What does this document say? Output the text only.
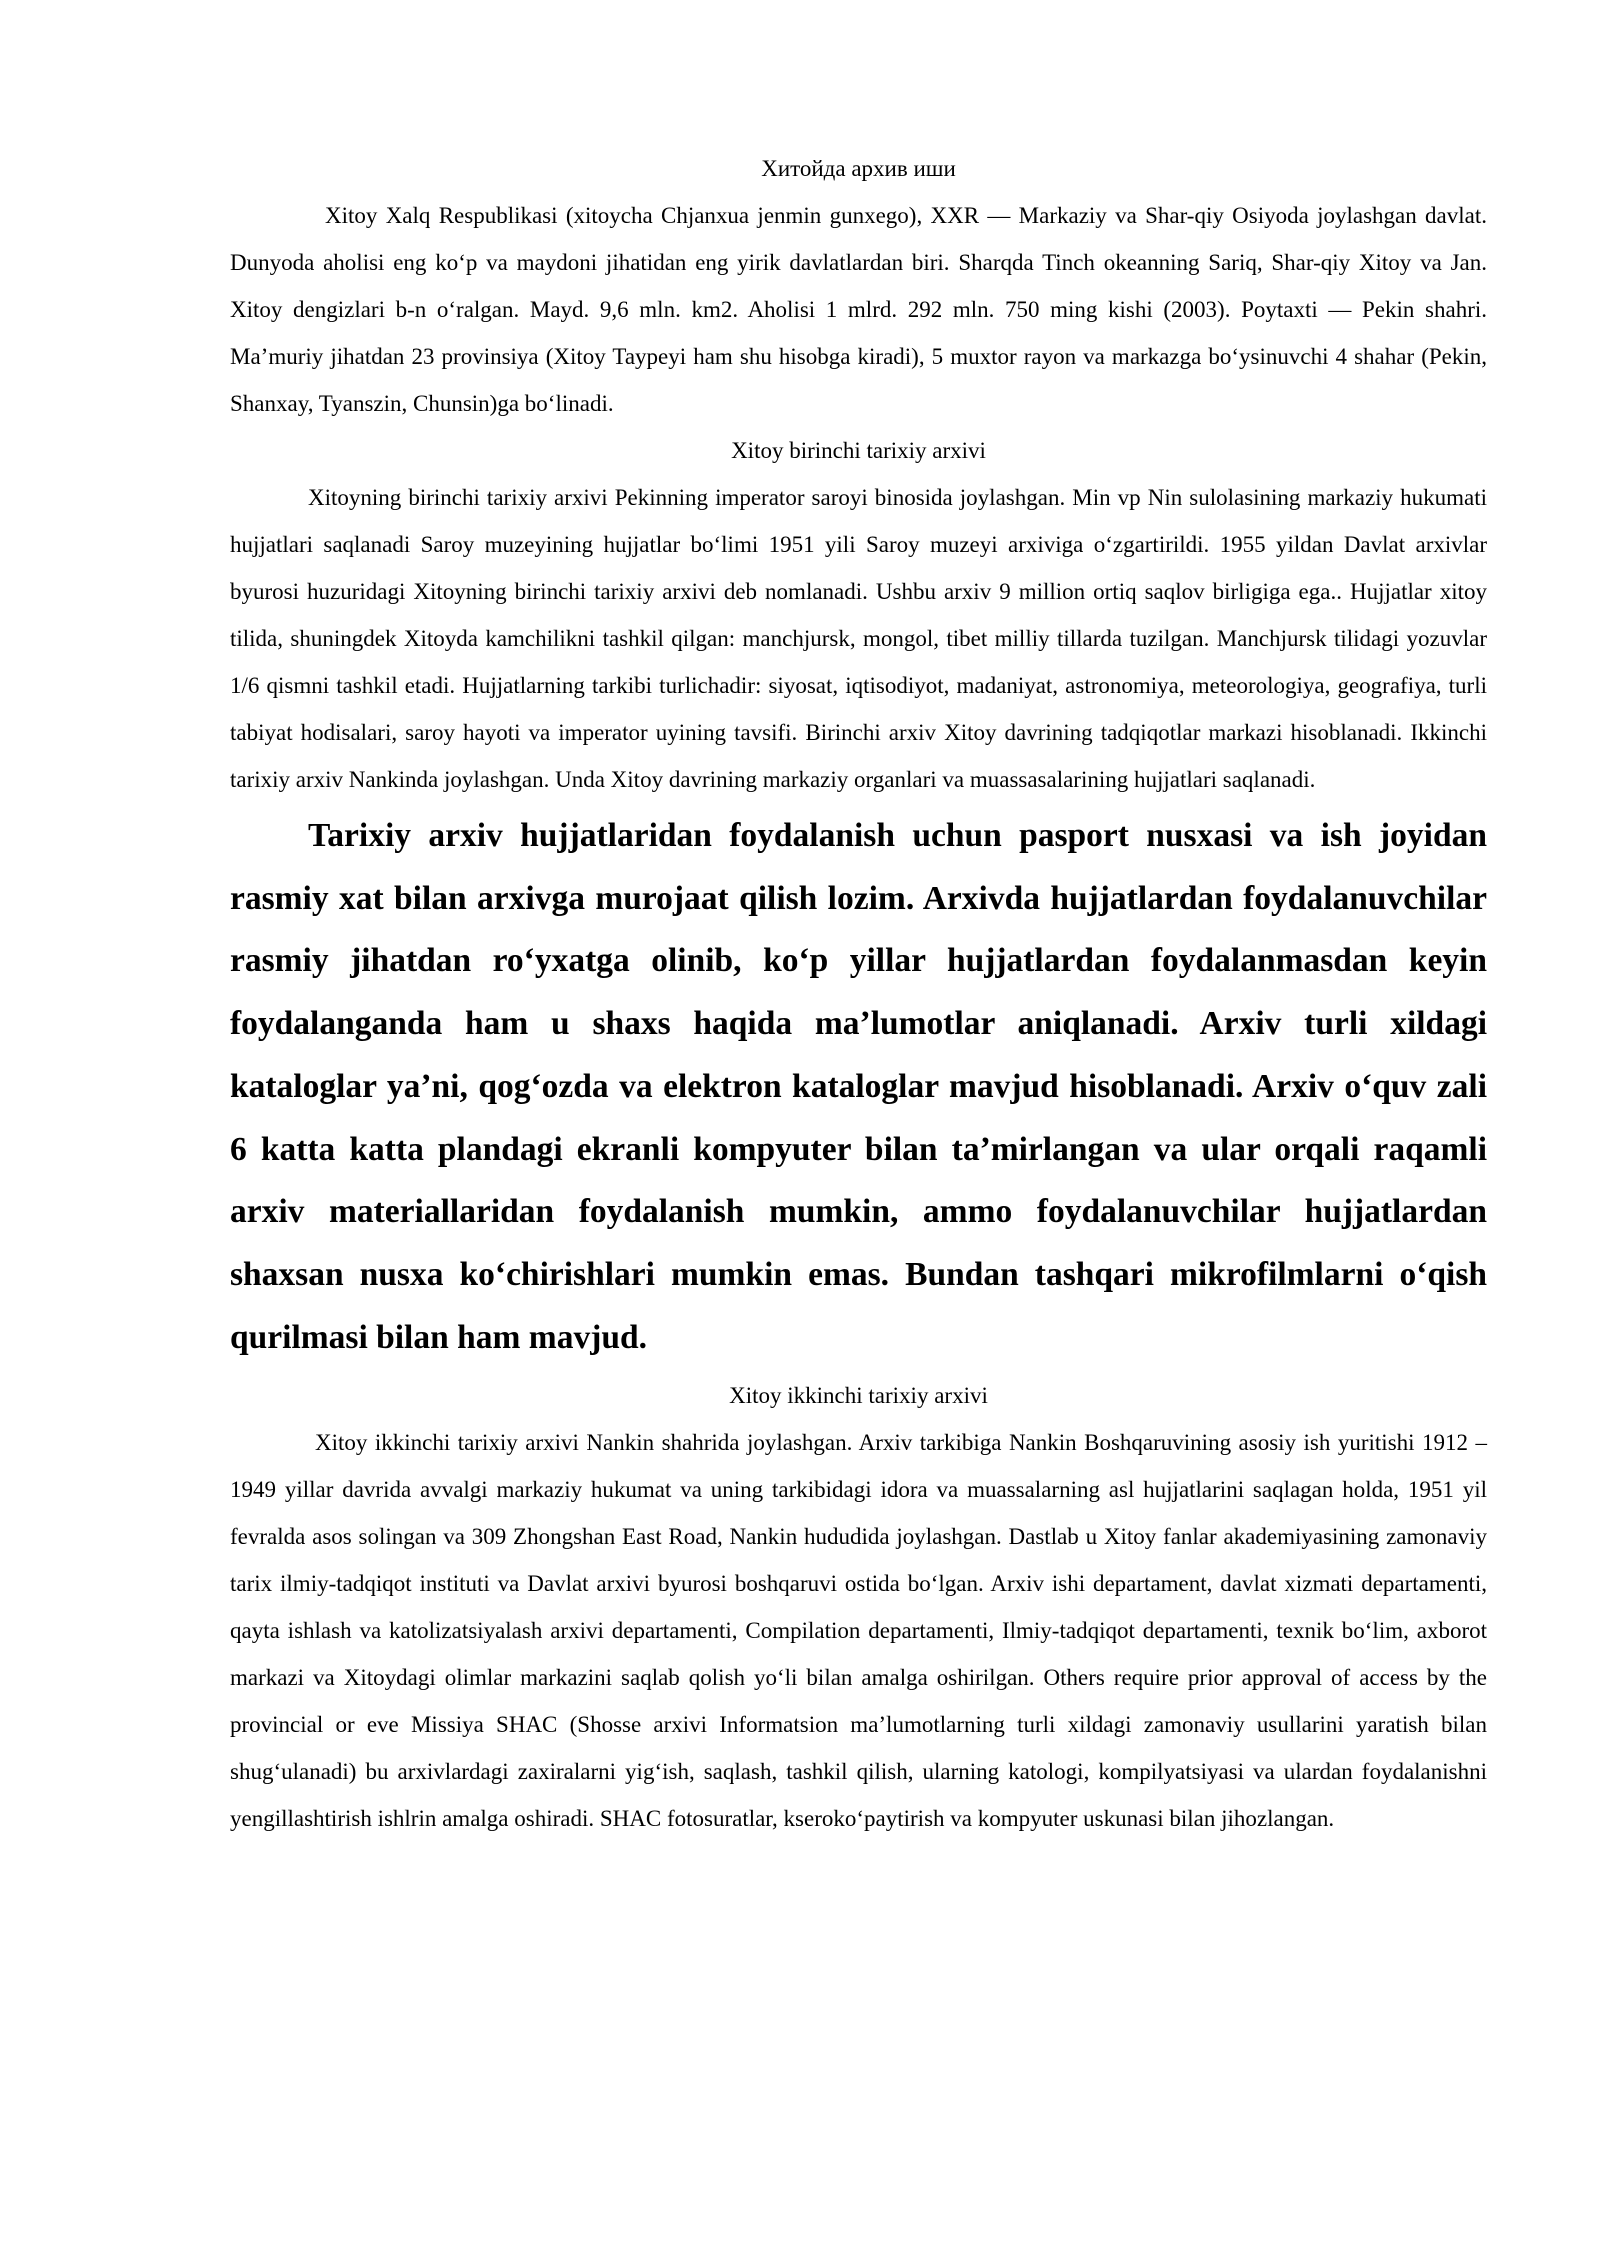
Хитойда архив иши

Xitoy Xalq Respublikasi (xitoycha Chjanxua jenmin gunxego), XXR — Markaziy va Shar-qiy Osiyoda joylashgan davlat. Dunyoda aholisi eng koʻp va maydoni jihatidan eng yirik davlatlardan biri. Sharqda Tinch okeanning Sariq, Shar-qiy Xitoy va Jan. Xitoy dengizlari b-n oʻralgan. Mayd. 9,6 mln. km2. Aholisi 1 mlrd. 292 mln. 750 ming kishi (2003). Poytaxti — Pekin shahri. Maʼmuriy jihatdan 23 provinsiya (Xitoy Taypeyi ham shu hisobga kiradi), 5 muxtor rayon va markazga boʻysinuvchi 4 shahar (Pekin, Shanxay, Tyanszin, Chunsin)ga boʻlinadi.

Xitoy birinchi tarixiy arxivi

Xitoyning birinchi tarixiy arxivi Pekinning imperator saroyi binosida joylashgan. Min vp Nin sulolasining markaziy hukumati hujjatlari saqlanadi Saroy muzeyining hujjatlar boʻlimi 1951 yili Saroy muzeyi arxiviga oʻzgartirildi. 1955 yildan Davlat arxivlar byurosi huzuridagi Xitoyning birinchi tarixiy arxivi deb nomlanadi. Ushbu arxiv 9 million ortiq saqlov birligiga ega.. Hujjatlar xitoy tilida, shuningdek Xitoyda kamchilikni tashkil qilgan: manchjursk, mongol, tibet milliy tillarda tuzilgan. Manchjursk tilidagi yozuvlar 1/6 qismni tashkil etadi. Hujjatlarning tarkibi turlichadir: siyosat, iqtisodiyot, madaniyat, astronomiya, meteorologiya, geografiya, turli tabiyat hodisalari, saroy hayoti va imperator uyining tavsifi. Birinchi arxiv Xitoy davrining tadqiqotlar markazi hisoblanadi. Ikkinchi tarixiy arxiv Nankinda joylashgan. Unda Xitoy davrining markaziy organlari va muassasalarining hujjatlari saqlanadi.

Tarixiy arxiv hujjatlaridan foydalanish uchun pasport nusxasi va ish joyidan rasmiy xat bilan arxivga murojaat qilish lozim. Arxivda hujjatlardan foydalanuvchilar rasmiy jihatdan roʻyxatga olinib, koʻp yillar hujjatlardan foydalanmasdan keyin foydalanganda ham u shaxs haqida maʼlumotlar aniqlanadi. Arxiv turli xildagi kataloglar yaʼni, qogʻozda va elektron kataloglar mavjud hisoblanadi. Arxiv oʻquv zali 6 katta katta plandagi ekranli kompyuter bilan taʼmirlangan va ular orqali raqamli arxiv materiallaridan foydalanish mumkin, ammo foydalanuvchilar hujjatlardan shaxsan nusxa koʻchirishlari mumkin emas. Bundan tashqari mikrofilmlarni oʻqish qurilmasi bilan ham mavjud.

Xitoy ikkinchi tarixiy arxivi

Xitoy ikkinchi tarixiy arxivi Nankin shahrida joylashgan. Arxiv tarkibiga Nankin Boshqaruvining asosiy ish yuritishi 1912 – 1949 yillar davrida avvalgi markaziy hukumat va uning tarkibidagi idora va muassalarning asl hujjatlarini saqlagan holda, 1951 yil fevralda asos solingan va 309 Zhongshan East Road, Nankin hududida joylashgan. Dastlab u Xitoy fanlar akademiyasining zamonaviy tarix ilmiy-tadqiqot instituti va Davlat arxivi byurosi boshqaruvi ostida boʻlgan. Arxiv ishi departament, davlat xizmati departamenti, qayta ishlash va katolizatsiyalash arxivi departamenti, Compilation departamenti, Ilmiy-tadqiqot departamenti, texnik boʻlim, axborot markazi va Xitoydagi olimlar markazini saqlab qolish yoʻli bilan amalga oshirilgan. Others require prior approval of access by the provincial or eve Missiya SHAC (Shosse arxivi Informatsion maʼlumotlarning turli xildagi zamonaviy usullarini yaratish bilan shugʻulanadi) bu arxivlardagi zaxiralarni yigʻish, saqlash, tashkil qilish, ularning katologi, kompilyatsiyasi va ulardan foydalanishni yengillashtirish ishlrin amalga oshiradi. SHAC fotosuratlar, kserokoʻpaytirish va kompyuter uskunasi bilan jihozlangan.
